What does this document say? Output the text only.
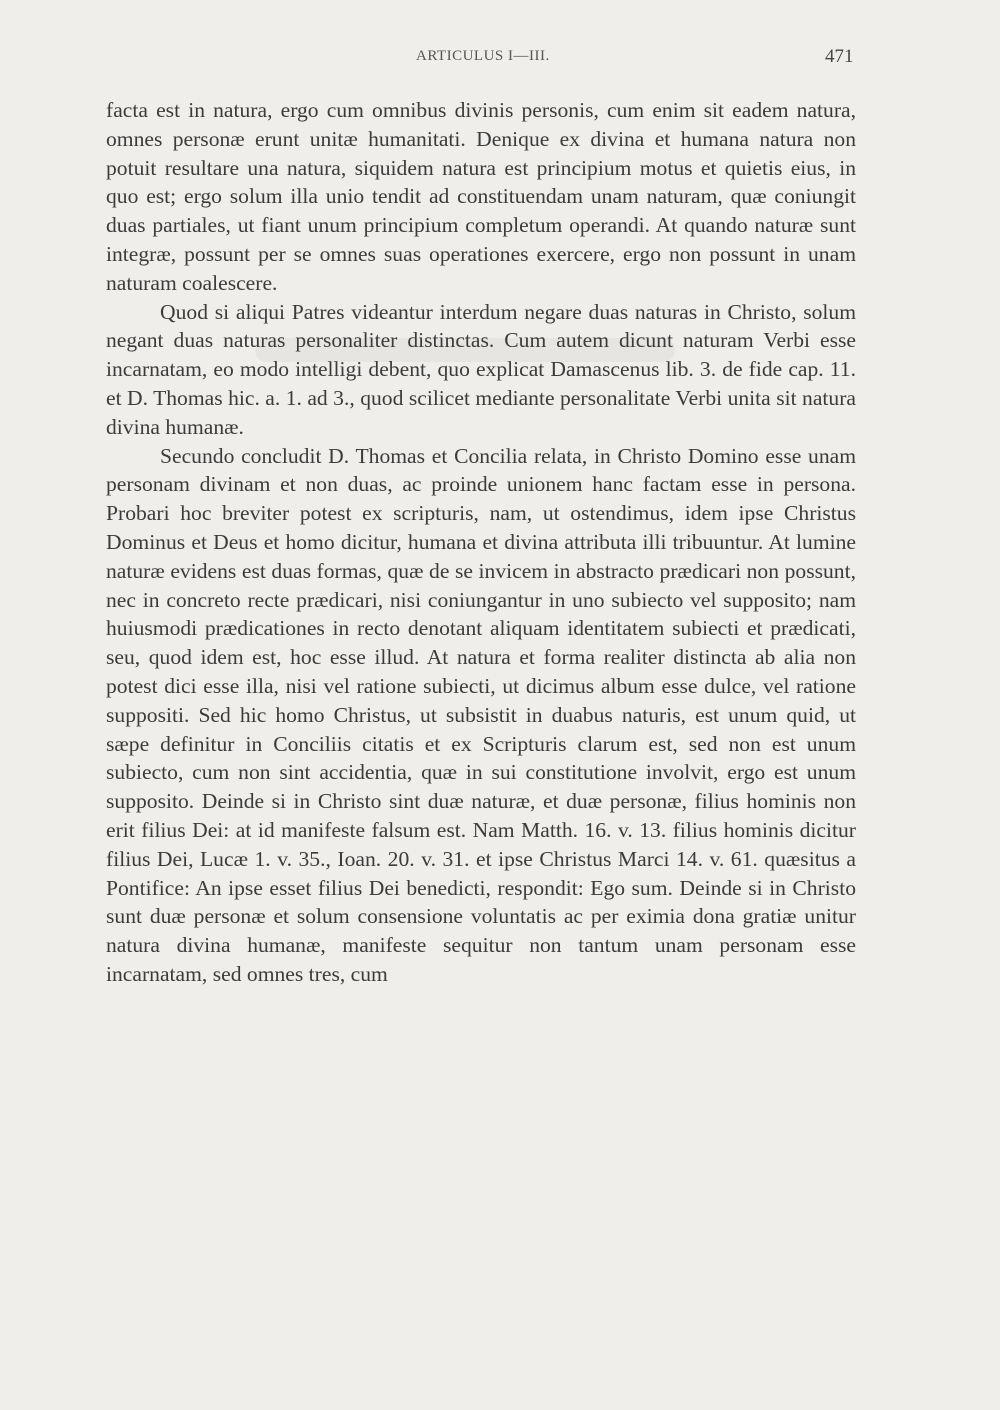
ARTICULUS I—III.	471

facta est in natura, ergo cum omnibus divinis personis, cum enim sit eadem natura, omnes personæ erunt unitæ humanitati. Denique ex divina et humana natura non potuit resultare una natura, siquidem natura est principium motus et quietis eius, in quo est; ergo solum illa unio tendit ad constituendam unam naturam, quæ coniungit duas partiales, ut fiant unum principium completum operandi. At quando naturæ sunt integræ, possunt per se omnes suas operationes exercere, ergo non possunt in unam naturam coalescere.

Quod si aliqui Patres videantur interdum negare duas naturas in Christo, solum negant duas naturas personaliter distinctas. Cum autem dicunt naturam Verbi esse incarnatam, eo modo intelligi debent, quo explicat Damascenus lib. 3. de fide cap. 11. et D. Thomas hic. a. 1. ad 3., quod scilicet mediante personalitate Verbi unita sit natura divina humanæ.

Secundo concludit D. Thomas et Concilia relata, in Christo Domino esse unam personam divinam et non duas, ac proinde unionem hanc factam esse in persona. Probari hoc breviter potest ex scripturis, nam, ut ostendimus, idem ipse Christus Dominus et Deus et homo dicitur, humana et divina attributa illi tribuuntur. At lumine naturæ evidens est duas formas, quæ de se invicem in abstracto prædicari non possunt, nec in concreto recte prædicari, nisi coniungantur in uno subiecto vel supposito; nam huiusmodi prædicationes in recto denotant aliquam identitatem subiecti et prædicati, seu, quod idem est, hoc esse illud. At natura et forma realiter distincta ab alia non potest dici esse illa, nisi vel ratione subiecti, ut dicimus album esse dulce, vel ratione suppositi. Sed hic homo Christus, ut subsistit in duabus naturis, est unum quid, ut sæpe definitur in Conciliis citatis et ex Scripturis clarum est, sed non est unum subiecto, cum non sint accidentia, quæ in sui constitutione involvit, ergo est unum supposito. Deinde si in Christo sint duæ naturæ, et duæ personæ, filius hominis non erit filius Dei: at id manifeste falsum est. Nam Matth. 16. v. 13. filius hominis dicitur filius Dei, Lucæ 1. v. 35., Ioan. 20. v. 31. et ipse Christus Marci 14. v. 61. quæsitus a Pontifice: An ipse esset filius Dei benedicti, respondit: Ego sum. Deinde si in Christo sunt duæ personæ et solum consensione voluntatis ac per eximia dona gratiæ unitur natura divina humanæ, manifeste sequitur non tantum unam personam esse incarnatam, sed omnes tres, cum
